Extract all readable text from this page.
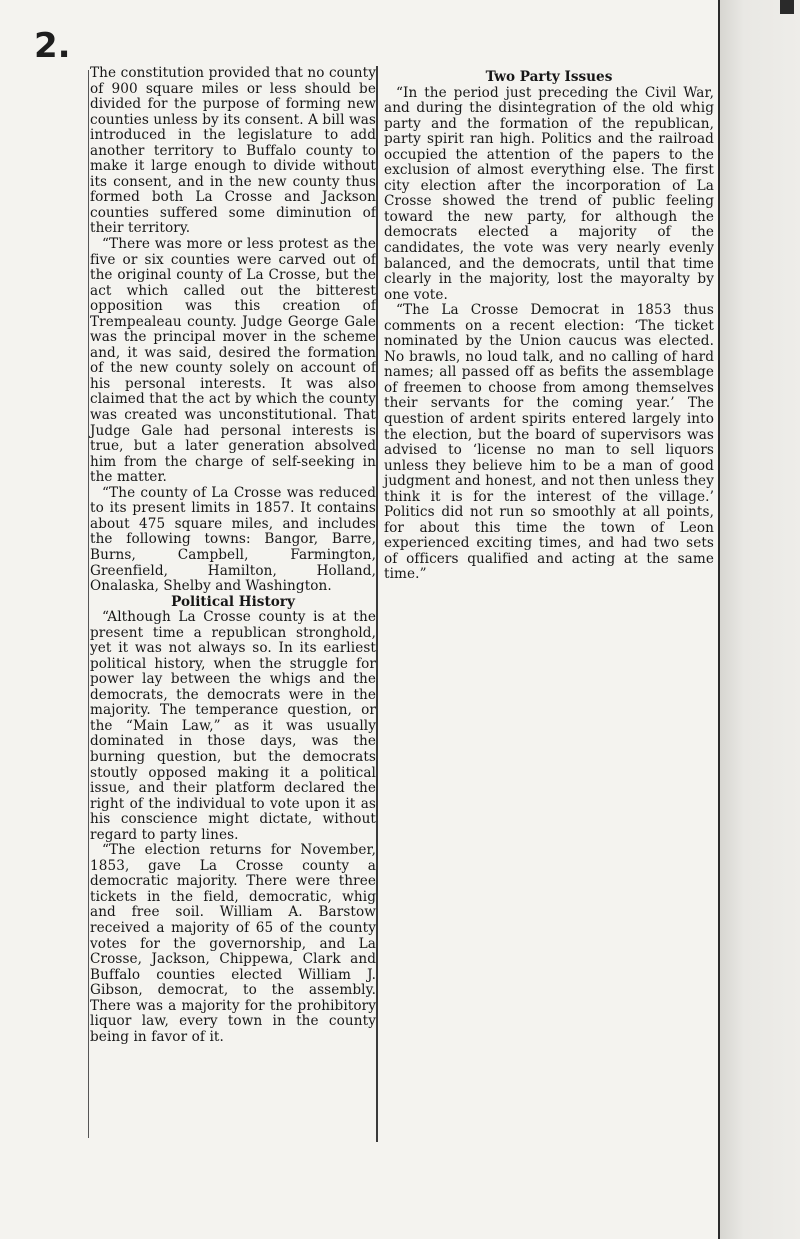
2.

The constitution provided that no county of 900 square miles or less should be divided for the purpose of forming new counties unless by its consent. A bill was introduced in the legislature to add another territory to Buffalo county to make it large enough to divide without its consent, and in the new county thus formed both La Crosse and Jackson counties suffered some diminution of their territory.

“There was more or less protest as the five or six counties were carved out of the original county of La Crosse, but the act which called out the bitterest opposition was this creation of Trempealeau county. Judge George Gale was the principal mover in the scheme and, it was said, desired the formation of the new county solely on account of his personal interests. It was also claimed that the act by which the county was created was unconstitutional. That Judge Gale had personal interests is true, but a later generation absolved him from the charge of self-seeking in the matter.

“The county of La Crosse was reduced to its present limits in 1857. It contains about 475 square miles, and includes the following towns: Bangor, Barre, Burns, Campbell, Farmington, Greenfield, Hamilton, Holland, Onalaska, Shelby and Washington.

Political History

“Although La Crosse county is at the present time a republican stronghold, yet it was not always so. In its earliest political history, when the struggle for power lay between the whigs and the democrats, the democrats were in the majority. The temperance question, or the “Main Law,” as it was usually dominated in those days, was the burning question, but the democrats stoutly opposed making it a political issue, and their platform declared the right of the individual to vote upon it as his conscience might dictate, without regard to party lines.

“The election returns for November, 1853, gave La Crosse county a democratic majority. There were three tickets in the field, democratic, whig and free soil. William A. Barstow received a majority of 65 of the county votes for the governorship, and La Crosse, Jackson, Chippewa, Clark and Buffalo counties elected William J. Gibson, democrat, to the assembly. There was a majority for the prohibitory liquor law, every town in the county being in favor of it.

Two Party Issues

“In the period just preceding the Civil War, and during the disintegration of the old whig party and the formation of the republican, party spirit ran high. Politics and the railroad occupied the attention of the papers to the exclusion of almost everything else. The first city election after the incorporation of La Crosse showed the trend of public feeling toward the new party, for although the democrats elected a majority of the candidates, the vote was very nearly evenly balanced, and the democrats, until that time clearly in the majority, lost the mayoralty by one vote.

“The La Crosse Democrat in 1853 thus comments on a recent election: ‘The ticket nominated by the Union caucus was elected. No brawls, no loud talk, and no calling of hard names; all passed off as befits the assemblage of freemen to choose from among themselves their servants for the coming year.’ The question of ardent spirits entered largely into the election, but the board of supervisors was advised to ‘license no man to sell liquors unless they believe him to be a man of good judgment and honest, and not then unless they think it is for the interest of the village.’ Politics did not run so smoothly at all points, for about this time the town of Leon experienced exciting times, and had two sets of officers qualified and acting at the same time.”
